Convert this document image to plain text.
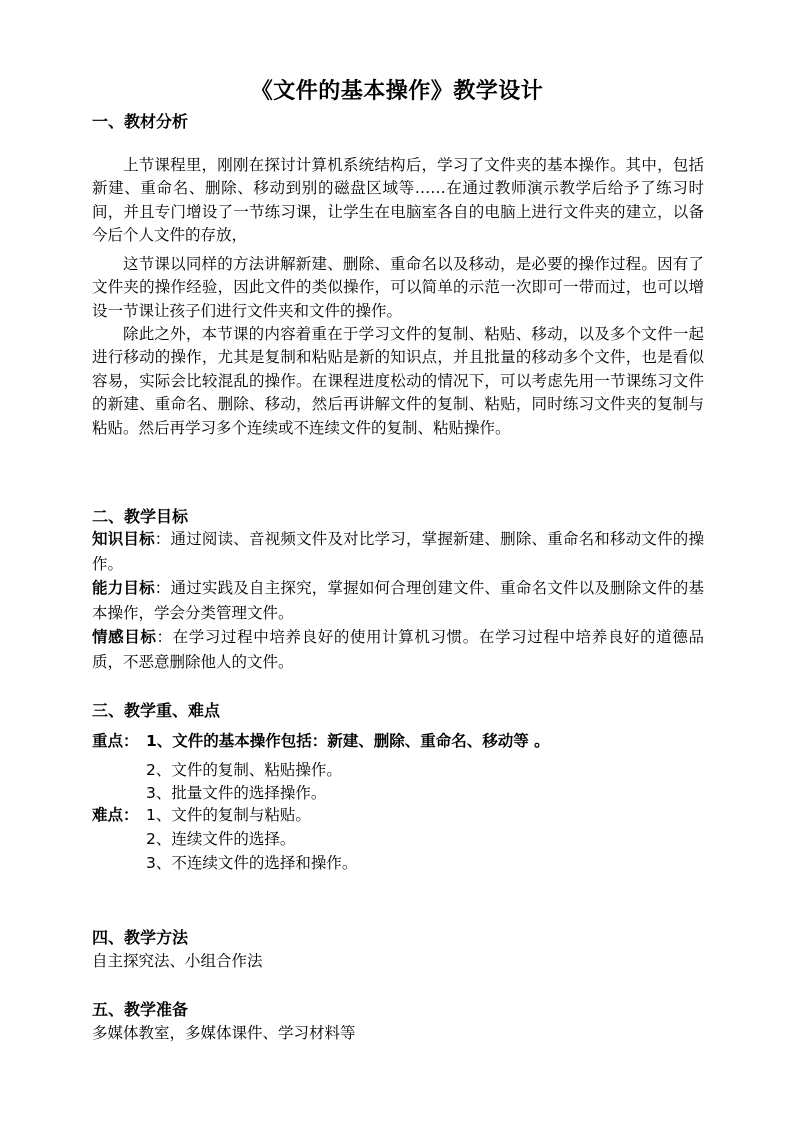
《文件的基本操作》教学设计
一、教材分析
上节课程里，刚刚在探讨计算机系统结构后，学习了文件夹的基本操作。其中，包括新建、重命名、删除、移动到别的磁盘区域等……在通过教师演示教学后给予了练习时间，并且专门增设了一节练习课，让学生在电脑室各自的电脑上进行文件夹的建立，以备今后个人文件的存放，
这节课以同样的方法讲解新建、删除、重命名以及移动，是必要的操作过程。因有了文件夹的操作经验，因此文件的类似操作，可以简单的示范一次即可一带而过，也可以增设一节课让孩子们进行文件夹和文件的操作。
除此之外，本节课的内容着重在于学习文件的复制、粘贴、移动，以及多个文件一起进行移动的操作，尤其是复制和粘贴是新的知识点，并且批量的移动多个文件，也是看似容易，实际会比较混乱的操作。在课程进度松动的情况下，可以考虑先用一节课练习文件的新建、重命名、删除、移动，然后再讲解文件的复制、粘贴，同时练习文件夹的复制与粘贴。然后再学习多个连续或不连续文件的复制、粘贴操作。
二、教学目标
知识目标：通过阅读、音视频文件及对比学习，掌握新建、删除、重命名和移动文件的操作。
能力目标：通过实践及自主探究，掌握如何合理创建文件、重命名文件以及删除文件的基本操作，学会分类管理文件。
情感目标：在学习过程中培养良好的使用计算机习惯。在学习过程中培养良好的道德品质，不恶意删除他人的文件。
三、教学重、难点
重点： 1、文件的基本操作包括：新建、删除、重命名、移动等 。
2、文件的复制、粘贴操作。
3、批量文件的选择操作。
难点： 1、文件的复制与粘贴。
2、连续文件的选择。
3、不连续文件的选择和操作。
四、教学方法
自主探究法、小组合作法
五、教学准备
多媒体教室，多媒体课件、学习材料等
